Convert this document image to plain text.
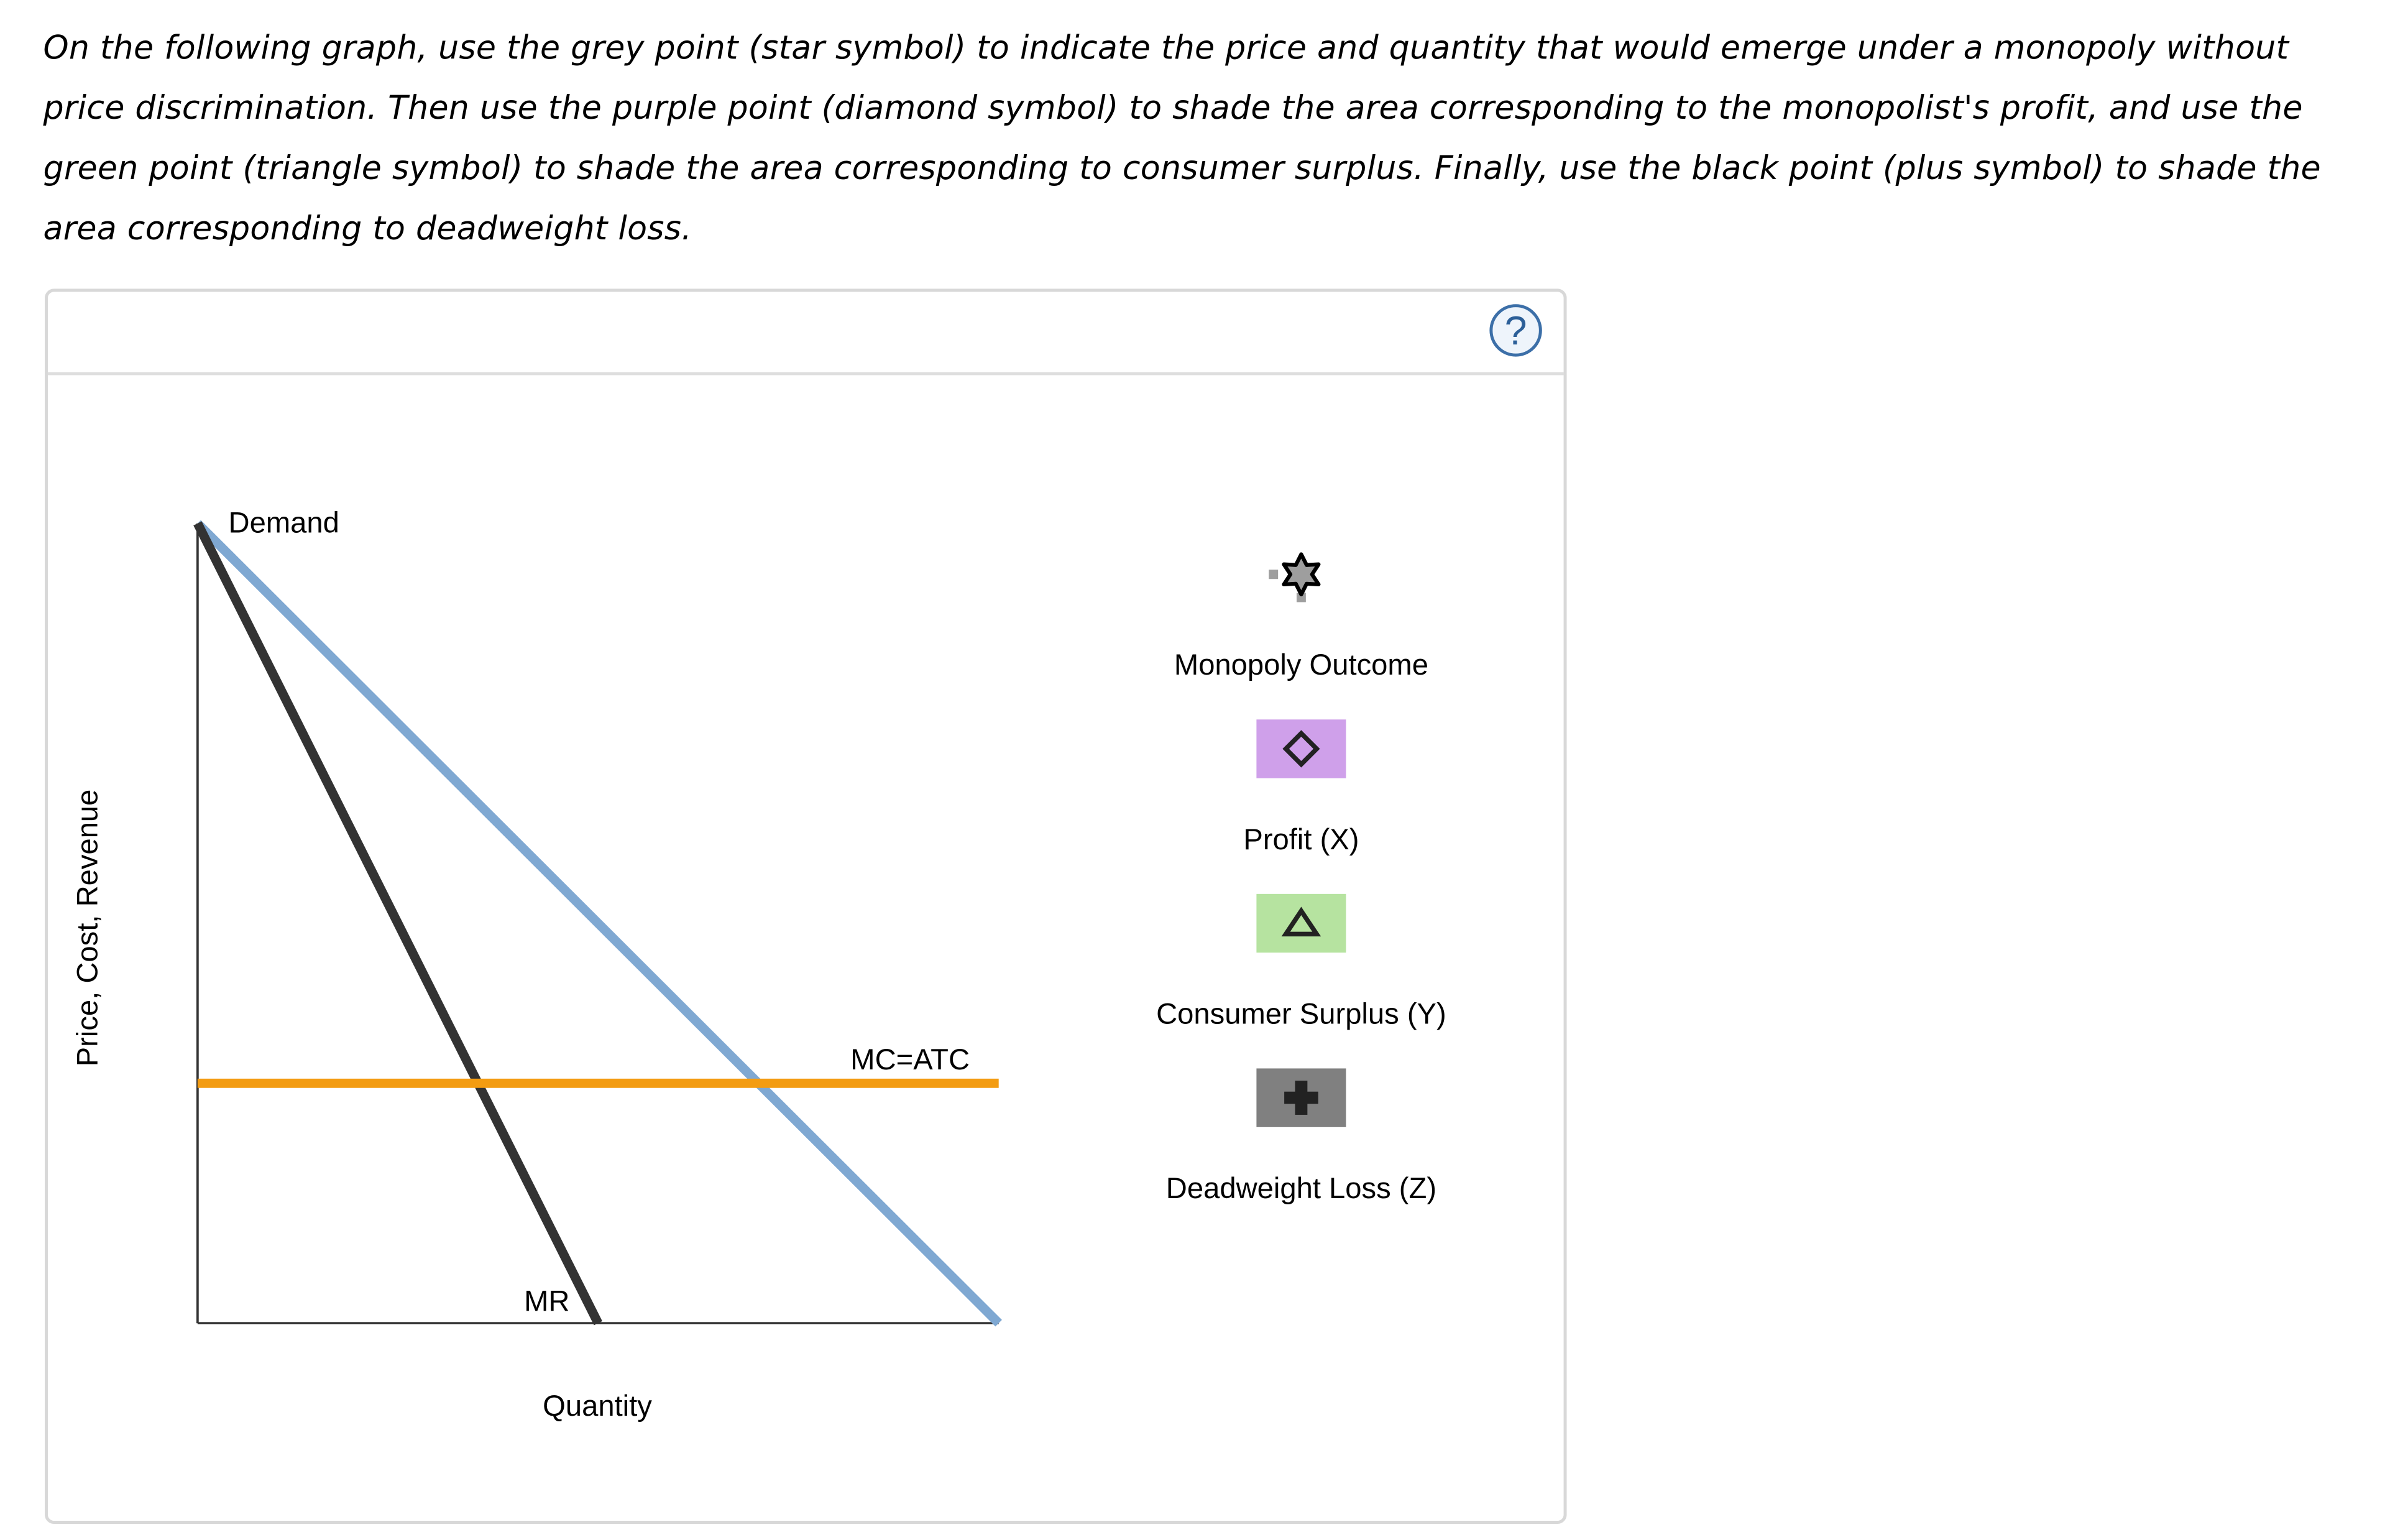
On the following graph, use the grey point (star symbol) to indicate the price and quantity that would emerge under a monopoly without price discrimination. Then use the purple point (diamond symbol) to shade the area corresponding to the monopolist's profit, and use the green point (triangle symbol) to shade the area corresponding to consumer surplus. Finally, use the black point (plus symbol) to shade the area corresponding to deadweight loss.
?
Quantity
Price, Cost, Revenue
Demand
MR
MC=ATC
Monopoly Outcome
Profit (X)
Consumer Surplus (Y)
Deadweight Loss (Z)
